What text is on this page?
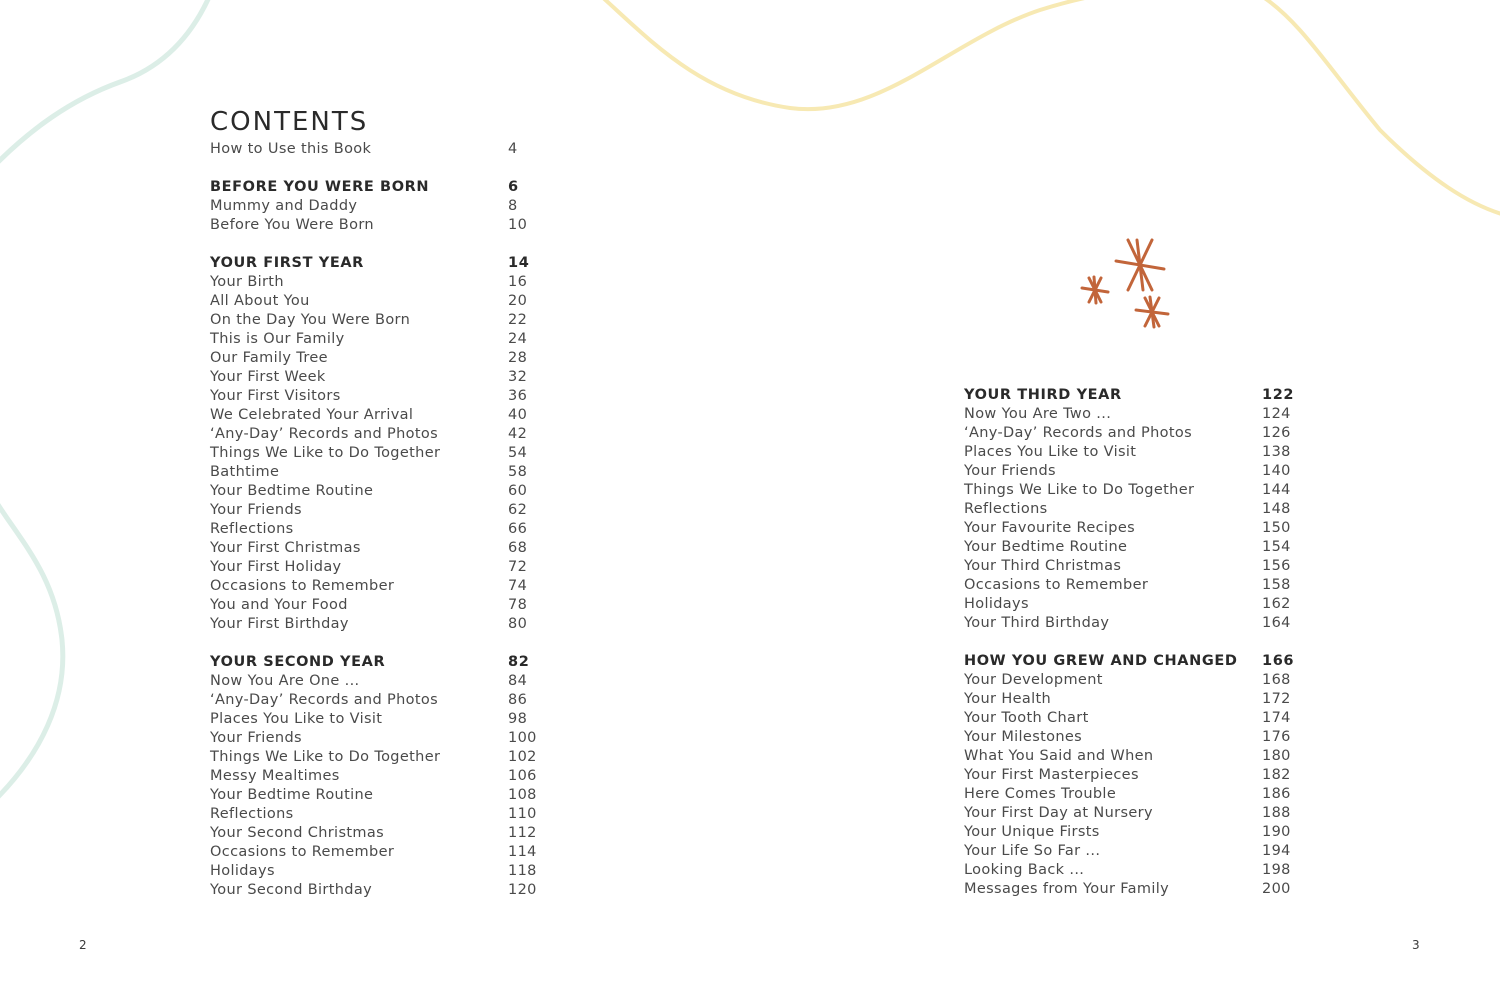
CONTENTS
How to Use this Book	4
BEFORE YOU WERE BORN	6
Mummy and Daddy	8
Before You Were Born	10
YOUR FIRST YEAR	14
Your Birth	16
All About You	20
On the Day You Were Born	22
This is Our Family	24
Our Family Tree	28
Your First Week	32
Your First Visitors	36
We Celebrated Your Arrival	40
‘Any-Day’ Records and Photos	42
Things We Like to Do Together	54
Bathtime	58
Your Bedtime Routine	60
Your Friends	62
Reflections	66
Your First Christmas	68
Your First Holiday	72
Occasions to Remember	74
You and Your Food	78
Your First Birthday	80
YOUR SECOND YEAR	82
Now You Are One ...	84
‘Any-Day’ Records and Photos	86
Places You Like to Visit	98
Your Friends	100
Things We Like to Do Together	102
Messy Mealtimes	106
Your Bedtime Routine	108
Reflections	110
Your Second Christmas	112
Occasions to Remember	114
Holidays	118
Your Second Birthday	120
YOUR THIRD YEAR	122
Now You Are Two ...	124
‘Any-Day’ Records and Photos	126
Places You Like to Visit	138
Your Friends	140
Things We Like to Do Together	144
Reflections	148
Your Favourite Recipes	150
Your Bedtime Routine	154
Your Third Christmas	156
Occasions to Remember	158
Holidays	162
Your Third Birthday	164
HOW YOU GREW AND CHANGED 166
Your Development	168
Your Health	172
Your Tooth Chart	174
Your Milestones	176
What You Said and When	180
Your First Masterpieces	182
Here Comes Trouble	186
Your First Day at Nursery	188
Your Unique Firsts	190
Your Life So Far ...	194
Looking Back ...	198
Messages from Your Family	200
2	3
